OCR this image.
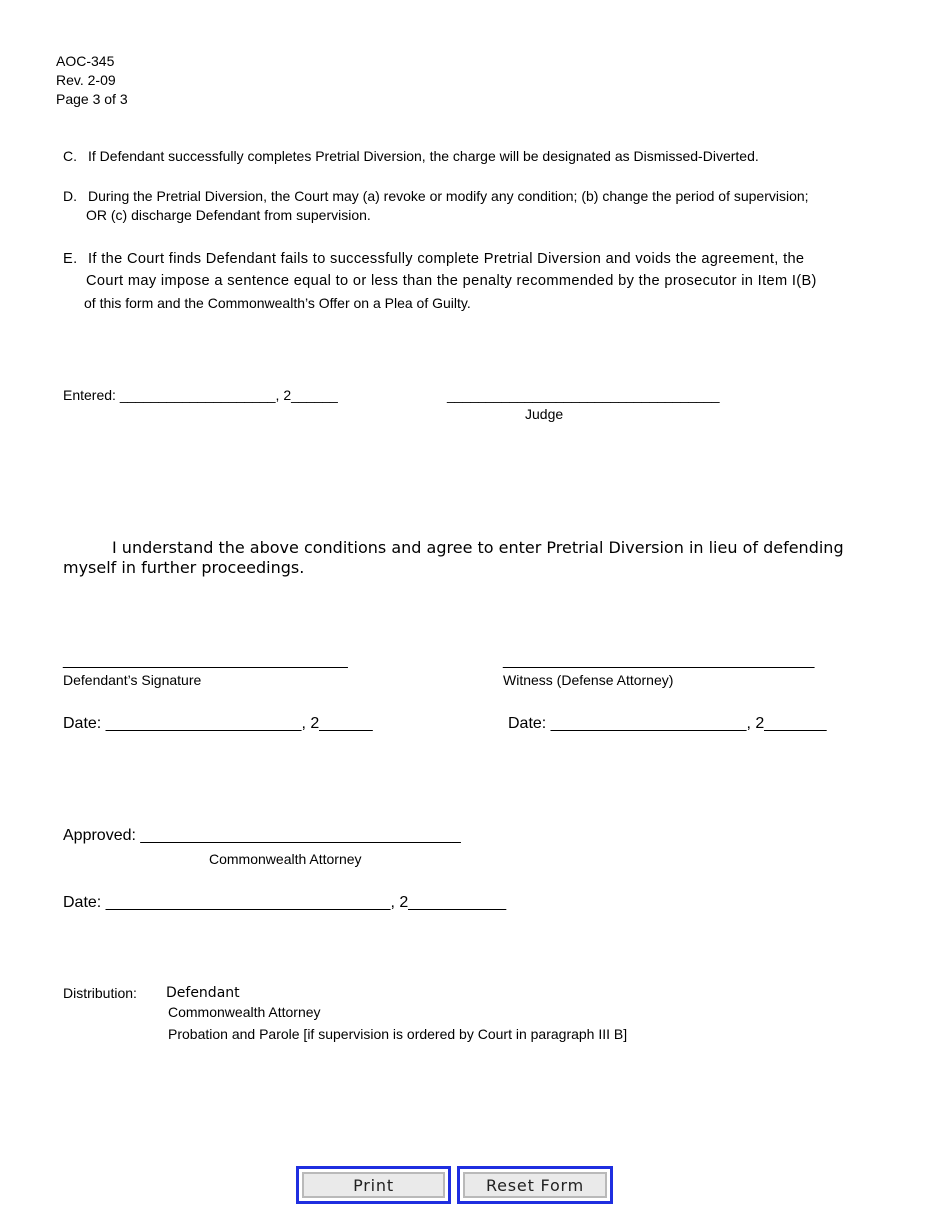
AOC-345
Rev. 2-09
Page 3 of 3
C. If Defendant successfully completes Pretrial Diversion, the charge will be designated as Dismissed-Diverted.
D. During the Pretrial Diversion, the Court may (a) revoke or modify any condition; (b) change the period of supervision;
OR (c) discharge Defendant from supervision.
E. If the Court finds Defendant fails to successfully complete Pretrial Diversion and voids the agreement, the
Court may impose a sentence equal to or less than the penalty recommended by the prosecutor in Item I(B)
of this form and the Commonwealth’s Offer on a Plea of Guilty.
Entered: ____________________, 2______	___________________________________
Judge
I understand the above conditions and agree to enter Pretrial Diversion in lieu of defending
myself in further proceedings.
________________________________
Defendant’s Signature
Date: ______________________, 2______
___________________________________
Witness (Defense Attorney)
Date: ______________________, 2_______
Approved: ____________________________________
Commonwealth Attorney
Date: ________________________________, 2___________
Distribution: Defendant
Commonwealth Attorney
Probation and Parole [if supervision is ordered by Court in paragraph III B]
Print	Reset Form
